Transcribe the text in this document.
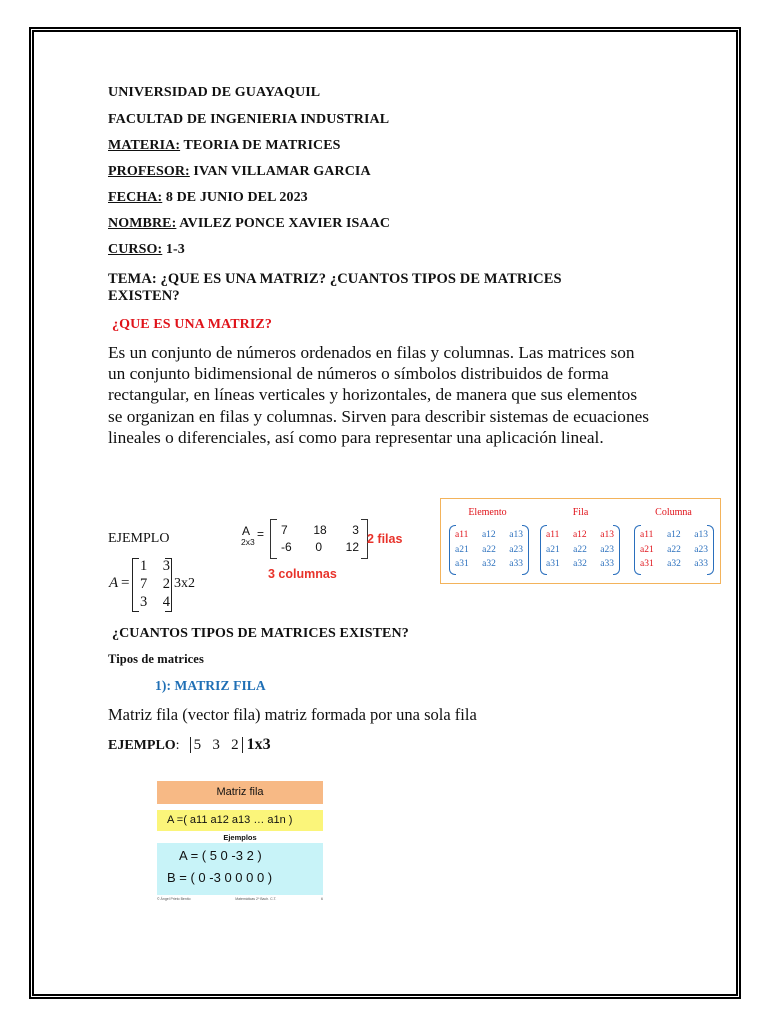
UNIVERSIDAD DE GUAYAQUIL
FACULTAD DE INGENIERIA INDUSTRIAL
MATERIA: TEORIA DE MATRICES
PROFESOR: IVAN VILLAMAR GARCIA
FECHA: 8 DE JUNIO DEL 2023
NOMBRE: AVILEZ PONCE XAVIER ISAAC
CURSO: 1-3
TEMA: ¿QUE ES UNA MATRIZ? ¿CUANTOS TIPOS DE MATRICES
EXISTEN?
¿QUE ES UNA MATRIZ?
Es un conjunto de números ordenados en filas y columnas. Las matrices son un conjunto bidimensional de números o símbolos distribuidos de forma rectangular, en líneas verticales y horizontales, de manera que sus elementos se organizan en filas y columnas. Sirven para describir sistemas de ecuaciones lineales o diferenciales, así como para representar una aplicación lineal.
EJEMPLO
A =
1 3
7 2
3 4
3x2
A =
2x3
7 18 3
-6 0 12
2 filas
3 columnas
Elemento	Fila	Columna
a11 a12 a13
a21 a22 a23
a31 a32 a33
a11 a12 a13
a21 a22 a23
a31 a32 a33
a11 a12 a13
a21 a22 a23
a31 a32 a33
¿CUANTOS TIPOS DE MATRICES EXISTEN?
Tipos de matrices
1): MATRIZ FILA
Matriz fila (vector fila) matriz formada por una sola fila
EJEMPLO : 5 3 2 1x3
Matriz fila
A =( a11 a12 a13 … a1n )
Ejemplos
A = ( 5 0 -3 2 )
B = ( 0 -3 0 0 0 0 )
© Ángel Prieto Benito	Matemáticas 2º Bach. C.T.	6
